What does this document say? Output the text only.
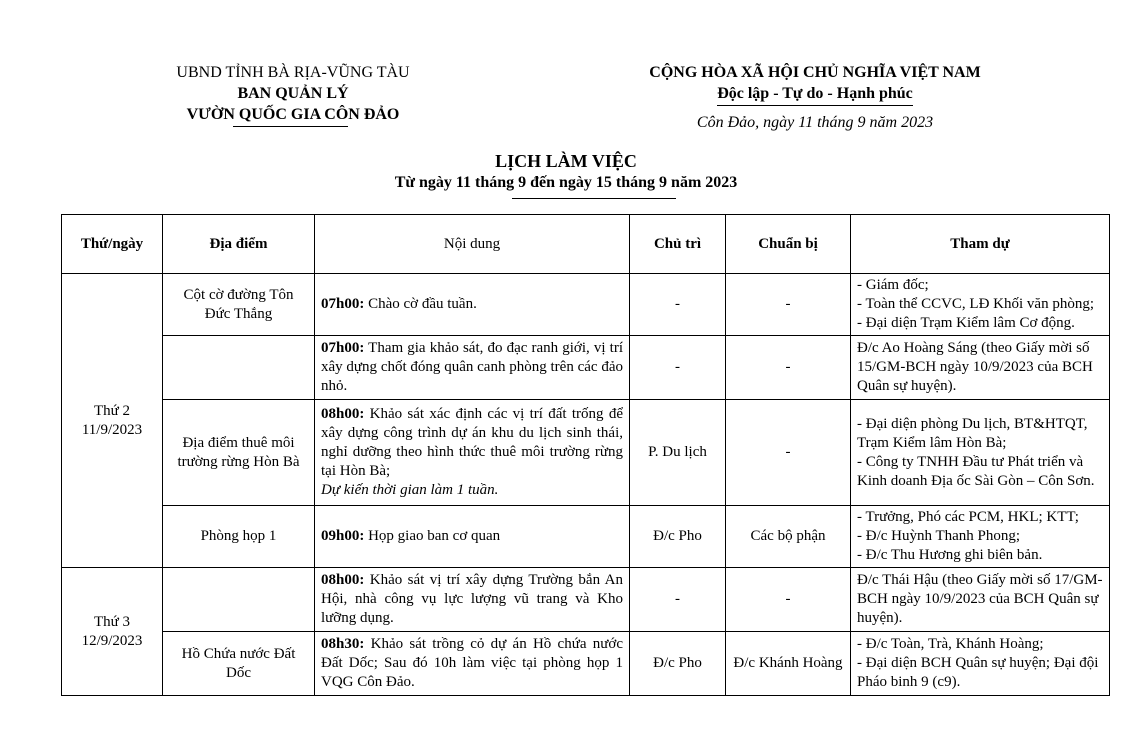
UBND TỈNH BÀ RỊA-VŨNG TÀU
BAN QUẢN LÝ
VƯỜN QUỐC GIA CÔN ĐẢO
CỘNG HÒA XÃ HỘI CHỦ NGHĨA VIỆT NAM
Độc lập - Tự do - Hạnh phúc
Côn Đảo, ngày 11 tháng 9 năm 2023
LỊCH LÀM VIỆC
Từ ngày 11 tháng 9 đến ngày 15 tháng 9 năm 2023
Thứ/ngày	Địa điểm	Nội dung	Chủ trì	Chuẩn bị	Tham dự

Thứ 2
11/9/2023	Cột cờ đường Tôn Đức Thắng	07h00: Chào cờ đầu tuần.	-	-	- Giám đốc;
- Toàn thể CCVC, LĐ Khối văn phòng;
- Đại diện Trạm Kiểm lâm Cơ động.

		07h00: Tham gia khảo sát, đo đạc ranh giới, vị trí xây dựng chốt đóng quân canh phòng trên các đảo nhỏ.	-	-	Đ/c Ao Hoàng Sáng (theo Giấy mời số 15/GM-BCH ngày 10/9/2023 của BCH Quân sự huyện).

	Địa điểm thuê môi trường rừng Hòn Bà	08h00: Khảo sát xác định các vị trí đất trống để xây dựng công trình dự án khu du lịch sinh thái, nghỉ dưỡng theo hình thức thuê môi trường rừng tại Hòn Bà;
Dự kiến thời gian làm 1 tuần.	P. Du lịch	-	- Đại diện phòng Du lịch, BT&HTQT, Trạm Kiểm lâm Hòn Bà;
- Công ty TNHH Đầu tư Phát triển và Kinh doanh Địa ốc Sài Gòn – Côn Sơn.

	Phòng họp 1	09h00: Họp giao ban cơ quan	Đ/c Pho	Các bộ phận	- Trưởng, Phó các PCM, HKL; KTT;
- Đ/c Huỳnh Thanh Phong;
- Đ/c Thu Hương ghi biên bản.

Thứ 3
12/9/2023		08h00: Khảo sát vị trí xây dựng Trường bắn An Hội, nhà công vụ lực lượng vũ trang và Kho lưỡng dụng.	-	-	Đ/c Thái Hậu (theo Giấy mời số 17/GM-BCH ngày 10/9/2023 của BCH Quân sự huyện).

	Hồ Chứa nước Đất Dốc	08h30: Khảo sát trồng cỏ dự án Hồ chứa nước Đất Dốc; Sau đó 10h làm việc tại phòng họp 1 VQG Côn Đảo.	Đ/c Pho	Đ/c Khánh Hoàng	- Đ/c Toàn, Trà, Khánh Hoàng;
- Đại diện BCH Quân sự huyện; Đại đội Pháo binh 9 (c9).
